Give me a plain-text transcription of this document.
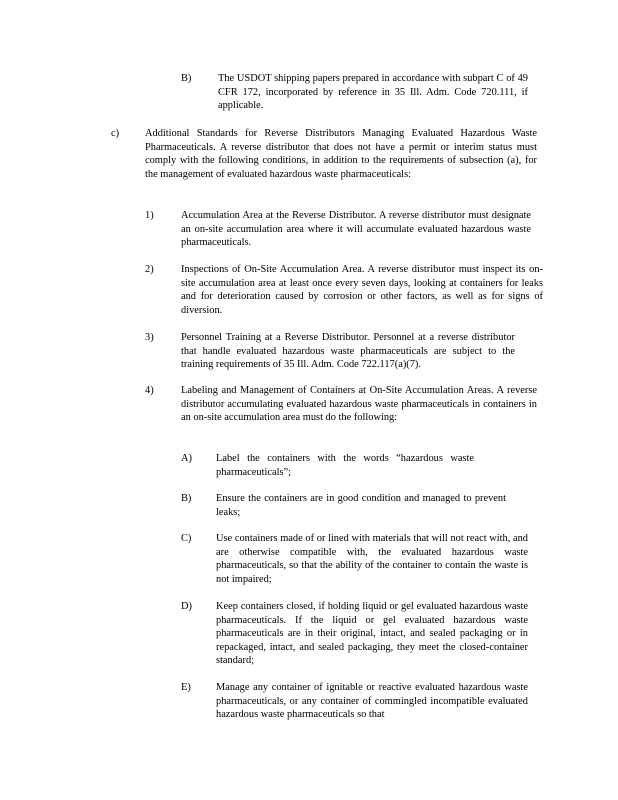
B)	The USDOT shipping papers prepared in accordance with subpart C of 49 CFR 172, incorporated by reference in 35 Ill. Adm. Code 720.111, if applicable.

c) Additional Standards for Reverse Distributors Managing Evaluated Hazardous Waste Pharmaceuticals. A reverse distributor that does not have a permit or interim status must comply with the following conditions, in addition to the requirements of subsection (a), for the management of evaluated hazardous waste pharmaceuticals:

1)	Accumulation Area at the Reverse Distributor. A reverse distributor must designate an on-site accumulation area where it will accumulate evaluated hazardous waste pharmaceuticals.

2)	Inspections of On-Site Accumulation Area. A reverse distributor must inspect its on-site accumulation area at least once every seven days, looking at containers for leaks and for deterioration caused by corrosion or other factors, as well as for signs of diversion.

3)	Personnel Training at a Reverse Distributor. Personnel at a reverse distributor that handle evaluated hazardous waste pharmaceuticals are subject to the training requirements of 35 Ill. Adm. Code 722.117(a)(7).

4)	Labeling and Management of Containers at On-Site Accumulation Areas. A reverse distributor accumulating evaluated hazardous waste pharmaceuticals in containers in an on-site accumulation area must do the following:

A) Label the containers with the words “hazardous waste pharmaceuticals”;

B) Ensure the containers are in good condition and managed to prevent leaks;

C) Use containers made of or lined with materials that will not react with, and are otherwise compatible with, the evaluated hazardous waste pharmaceuticals, so that the ability of the container to contain the waste is not impaired;

D) Keep containers closed, if holding liquid or gel evaluated hazardous waste pharmaceuticals. If the liquid or gel evaluated hazardous waste pharmaceuticals are in their original, intact, and sealed packaging or in repackaged, intact, and sealed packaging, they meet the closed-container standard;

E) Manage any container of ignitable or reactive evaluated hazardous waste pharmaceuticals, or any container of commingled incompatible evaluated hazardous waste pharmaceuticals so that
